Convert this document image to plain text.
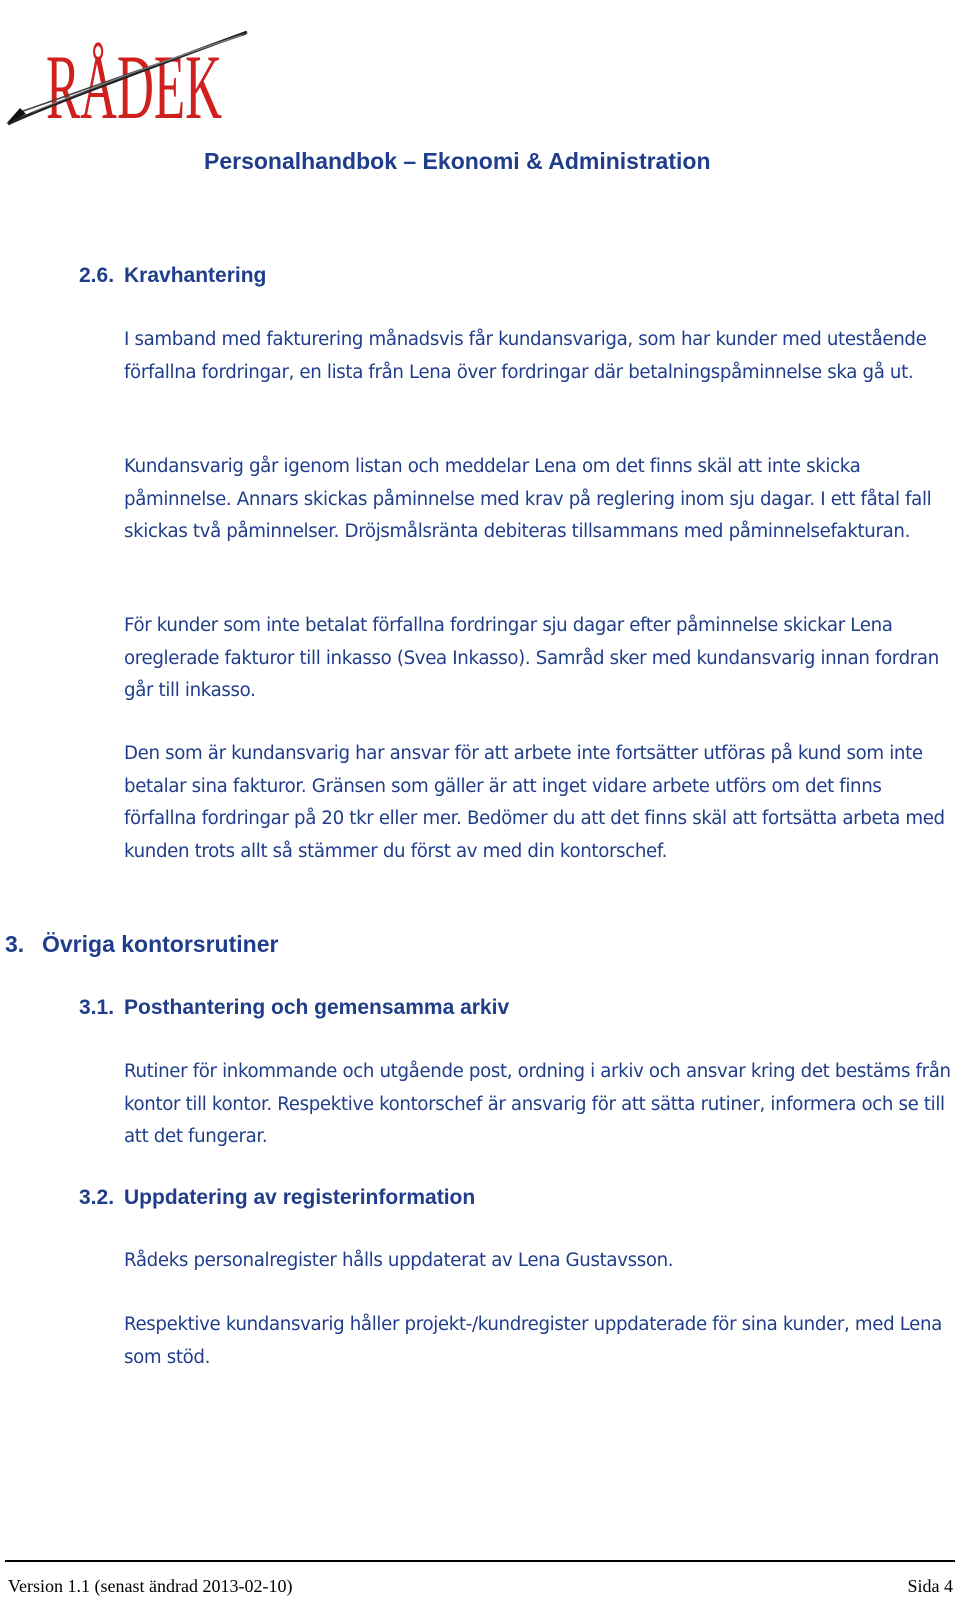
RÅDEK
Personalhandbok – Ekonomi & Administration
2.6. Kravhantering

I samband med fakturering månadsvis får kundansvariga, som har kunder med utestående förfallna fordringar, en lista från Lena över fordringar där betalningspåminnelse ska gå ut.

Kundansvarig går igenom listan och meddelar Lena om det finns skäl att inte skicka påminnelse. Annars skickas påminnelse med krav på reglering inom sju dagar. I ett fåtal fall skickas två påminnelser. Dröjsmålsränta debiteras tillsammans med påminnelsefakturan.

För kunder som inte betalat förfallna fordringar sju dagar efter påminnelse skickar Lena oreglerade fakturor till inkasso (Svea Inkasso). Samråd sker med kundansvarig innan fordran går till inkasso.

Den som är kundansvarig har ansvar för att arbete inte fortsätter utföras på kund som inte betalar sina fakturor. Gränsen som gäller är att inget vidare arbete utförs om det finns förfallna fordringar på 20 tkr eller mer. Bedömer du att det finns skäl att fortsätta arbeta med kunden trots allt så stämmer du först av med din kontorschef.

3. Övriga kontorsrutiner
3.1. Posthantering och gemensamma arkiv

Rutiner för inkommande och utgående post, ordning i arkiv och ansvar kring det bestäms från kontor till kontor. Respektive kontorschef är ansvarig för att sätta rutiner, informera och se till att det fungerar.

3.2. Uppdatering av registerinformation

Rådeks personalregister hålls uppdaterat av Lena Gustavsson.

Respektive kundansvarig håller projekt-/kundregister uppdaterade för sina kunder, med Lena som stöd.

Version 1.1 (senast ändrad 2013-02-10)	Sida 4
